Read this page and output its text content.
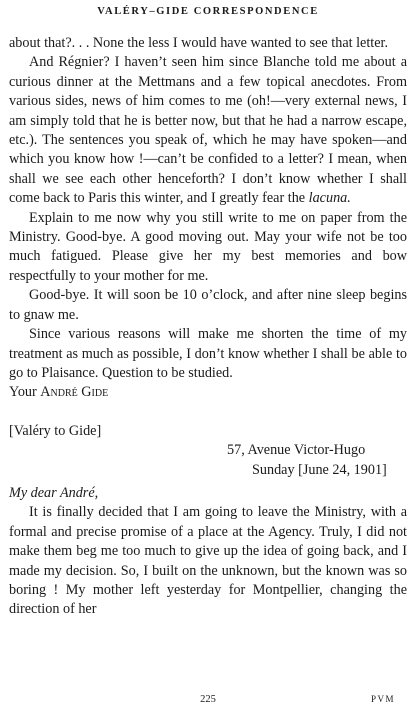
VALÉRY–GIDE CORRESPONDENCE

about that?. . . None the less I would have wanted to see that letter.

And Régnier? I haven’t seen him since Blanche told me about a curious dinner at the Mettmans and a few topical anecdotes. From various sides, news of him comes to me (oh!—very external news, I am simply told that he is better now, but that he had a narrow escape, etc.). The sentences you speak of, which he may have spoken—and which you know how !—can’t be confided to a letter? I mean, when shall we see each other henceforth? I don’t know whether I shall come back to Paris this winter, and I greatly fear the lacuna.

Explain to me now why you still write to me on paper from the Ministry. Good-bye. A good moving out. May your wife not be too much fatigued. Please give her my best memories and bow respectfully to your mother for me.

Good-bye. It will soon be 10 o’clock, and after nine sleep begins to gnaw me.

Since various reasons will make me shorten the time of my treatment as much as possible, I don’t know whether I shall be able to go to Plaisance. Question to be studied.

Your André Gide

[Valéry to Gide]

57, Avenue Victor-Hugo

Sunday [June 24, 1901]

My dear André,

It is finally decided that I am going to leave the Ministry, with a formal and precise promise of a place at the Agency. Truly, I did not make them beg me too much to give up the idea of going back, and I made my decision. So, I built on the unknown, but the known was so boring ! My mother left yesterday for Montpellier, changing the direction of her

225	PVM
